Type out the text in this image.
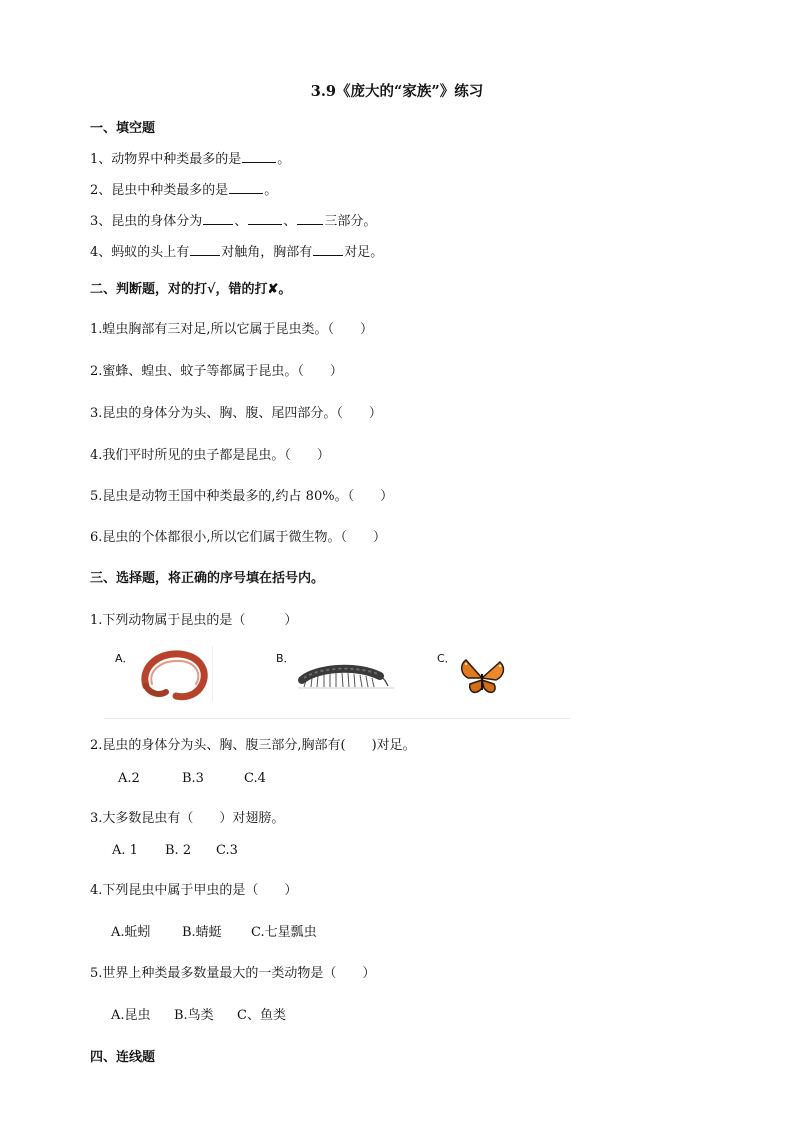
3.9《庞大的“家族”》练习
一、填空题
1、动物界中种类最多的是	。
2、昆虫中种类最多的是	。
3、昆虫的身体分为 、	、 三部分。
4、蚂蚁的头上有 对触角，胸部有 对足。
二、判断题，对的打√，错的打✘。
1.蝗虫胸部有三对足,所以它属于昆虫类。（　　）
2.蜜蜂、蝗虫、蚊子等都属于昆虫。（　　）
3.昆虫的身体分为头、胸、腹、尾四部分。（　　）
4.我们平时所见的虫子都是昆虫。（　　）
5.昆虫是动物王国中种类最多的,约占 80%。（　　）
6.昆虫的个体都很小,所以它们属于微生物。（　　）
三、选择题，将正确的序号填在括号内。
1.下列动物属于昆虫的是（　　　）
A．	B．	C．
2.昆虫的身体分为头、胸、腹三部分,胸部有(　　)对足。
A.2	B.3	C.4
3.大多数昆虫有（　　）对翅膀。
A. 1 B. 2 C.3
4.下列昆虫中属于甲虫的是（　　）
A.蚯蚓 B.蜻蜓 C.七星瓢虫
5.世界上种类最多数量最大的一类动物是（　　）
A.昆虫 B.鸟类 C、鱼类
四、连线题
